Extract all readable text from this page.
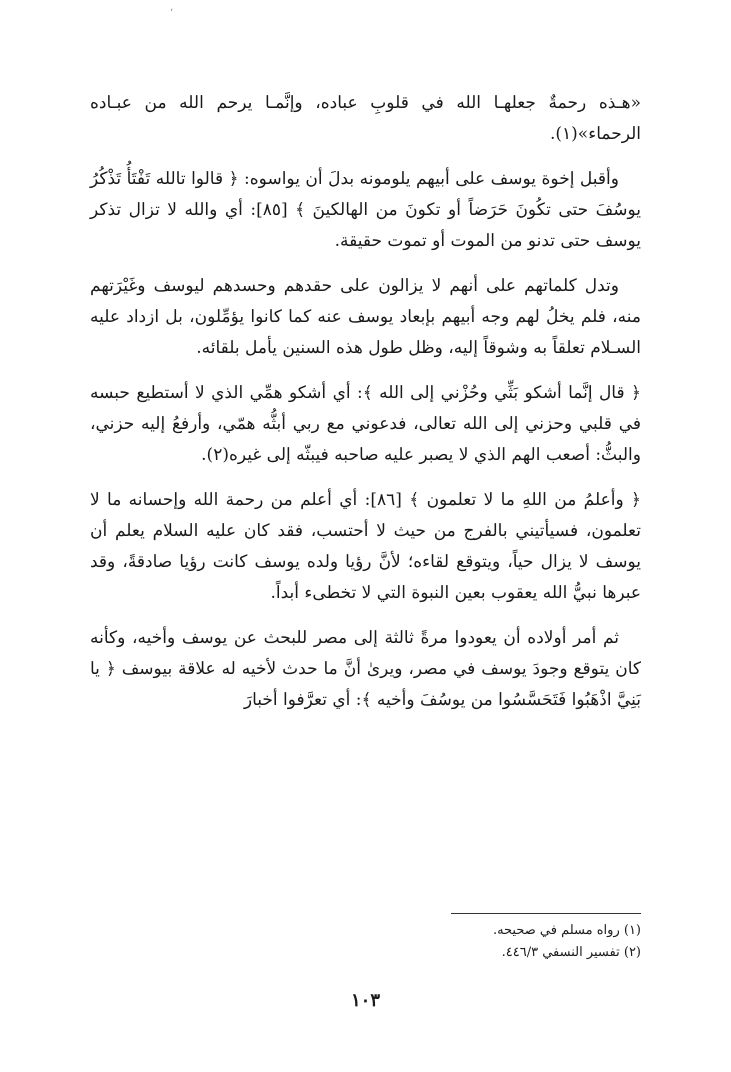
٬

«هـذه رحمةٌ جعلهـا الله في قلوبِ عباده، وإنَّمـا يرحم الله من عبـاده الرحماء»(١).

وأقبل إخوة يوسف على أبيهم يلومونه بدلَ أن يواسوه: ﴿ قالوا تالله تَفْتَأُ تَذْكُرُ يوسُفَ حتى تكُونَ حَرَضاً أو تكونَ من الهالكينَ ﴾ [٨٥]: أي والله لا تزال تذكر يوسف حتى تدنو من الموت أو تموت حقيقة.

وتدل كلماتهم على أنهم لا يزالون على حقدهم وحسدهم ليوسف وغَيْرَتهم منه، فلم يخلُ لهم وجه أبيهم بإبعاد يوسف عنه كما كانوا يؤمِّلون، بل ازداد عليه السـلام تعلقاً به وشوقاً إليه، وظل طول هذه السنين يأمل بلقائه.

﴿ قال إنَّما أشكو بَثِّي وحُزْني إلى الله ﴾: أي أشكو همِّي الذي لا أستطيع حبسه في قلبي وحزني إلى الله تعالى، فدعوني مع ربي أبثُّه همّي، وأرفعُ إليه حزني، والبثُّ: أصعب الهم الذي لا يصبر عليه صاحبه فيبثّه إلى غيره(٢).

﴿ وأعلمُ من اللهِ ما لا تعلمون ﴾ [٨٦]: أي أعلم من رحمة الله وإحسانه ما لا تعلمون، فسيأتيني بالفرج من حيث لا أحتسب، فقد كان عليه السلام يعلم أن يوسف لا يزال حياً، ويتوقع لقاءه؛ لأنَّ رؤيا ولده يوسف كانت رؤيا صادقةً، وقد عبرها نبيُّ الله يعقوب بعين النبوة التي لا تخطىء أبداً.

ثم أمر أولاده أن يعودوا مرةً ثالثة إلى مصر للبحث عن يوسف وأخيه، وكأنه كان يتوقع وجودَ يوسف في مصر، ويرىٰ أنَّ ما حدث لأخيه له علاقة بيوسف ﴿ يا بَنِيَّ اذْهَبُوا فَتَحَسَّسُوا من يوسُفَ وأخيه ﴾: أي تعرَّفوا أخبارَ

(١) رواه مسلم في صحيحه.
(٢) تفسير النسفي ٤٤٦/٣.
١٠٣
